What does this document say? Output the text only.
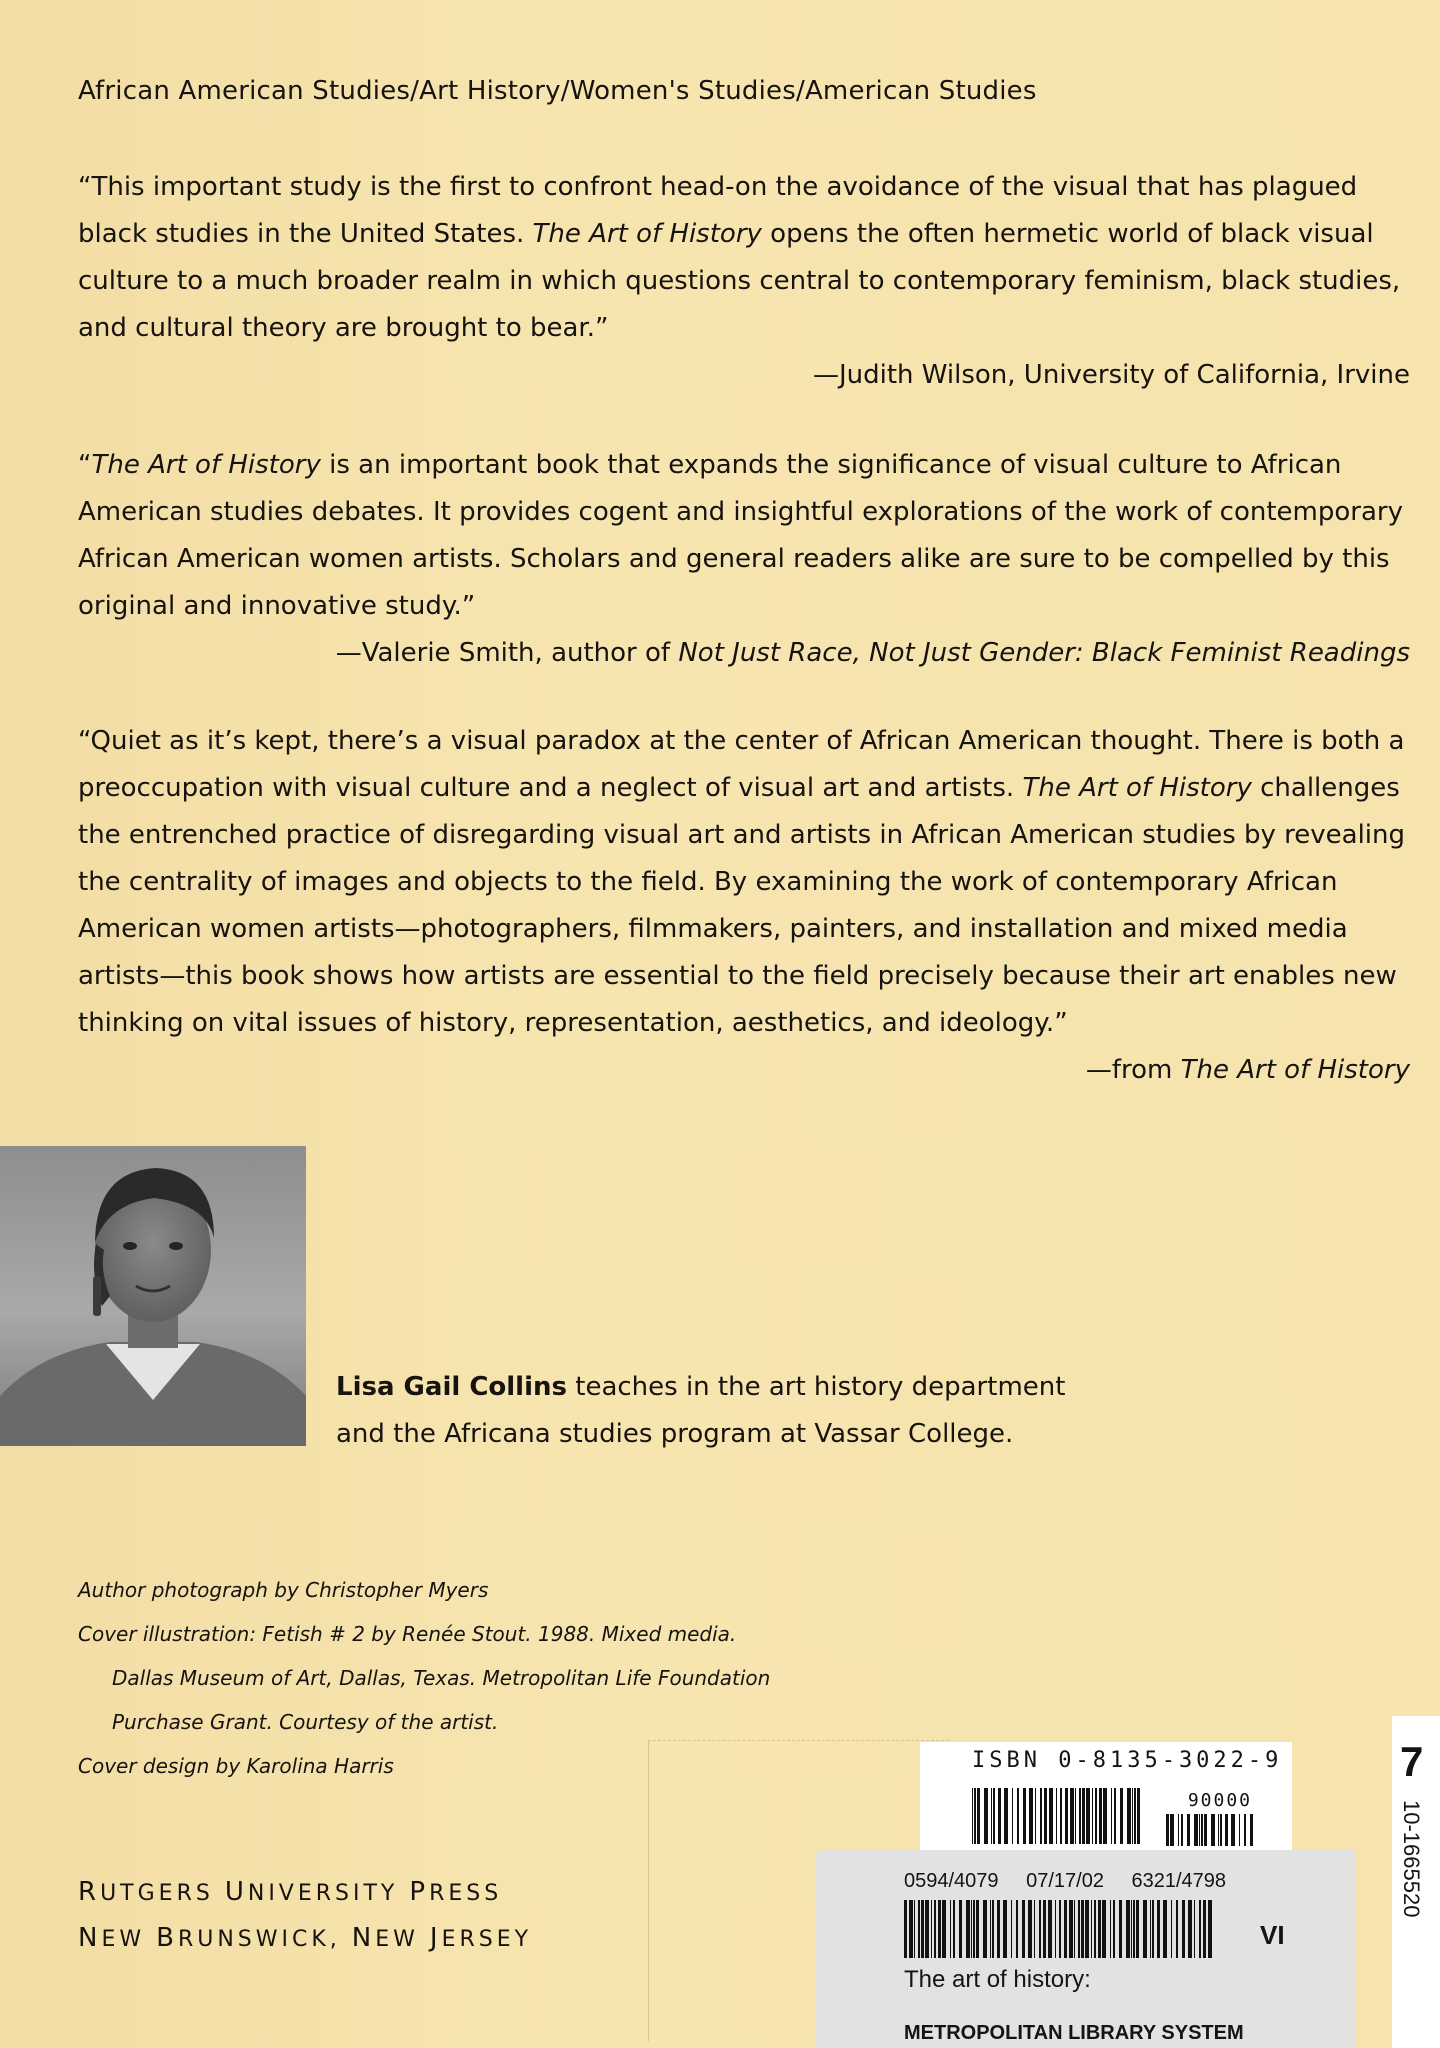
African American Studies/Art History/Women's Studies/American Studies

“This important study is the first to confront head-on the avoidance of the visual that has plagued black studies in the United States. The Art of History opens the often hermetic world of black visual culture to a much broader realm in which questions central to contemporary feminism, black studies, and cultural theory are brought to bear.”

—Judith Wilson, University of California, Irvine

“The Art of History is an important book that expands the significance of visual culture to African American studies debates. It provides cogent and insightful explorations of the work of contemporary African American women artists. Scholars and general readers alike are sure to be compelled by this original and innovative study.”

—Valerie Smith, author of Not Just Race, Not Just Gender: Black Feminist Readings

“Quiet as it’s kept, there’s a visual paradox at the center of African American thought. There is both a preoccupation with visual culture and a neglect of visual art and artists. The Art of History challenges the entrenched practice of disregarding visual art and artists in African American studies by revealing the centrality of images and objects to the field. By examining the work of contemporary African American women artists—photographers, filmmakers, painters, and installation and mixed media artists—this book shows how artists are essential to the field precisely because their art enables new thinking on vital issues of history, representation, aesthetics, and ideology.”

—from The Art of History

Lisa Gail Collins teaches in the art history department and the Africana studies program at Vassar College.
Author photograph by Christopher Myers
Cover illustration: Fetish # 2 by Renée Stout. 1988. Mixed media.
Dallas Museum of Art, Dallas, Texas. Metropolitan Life Foundation
Purchase Grant. Courtesy of the artist.
Cover design by Karolina Harris
RUTGERS UNIVERSITY PRESS
NEW BRUNSWICK, NEW JERSEY
ISBN 0-8135-3022-9
90000
0594/4079 07/17/02 6321/4798
VI
The art of history:
METROPOLITAN LIBRARY SYSTEM
7
10-1665520
